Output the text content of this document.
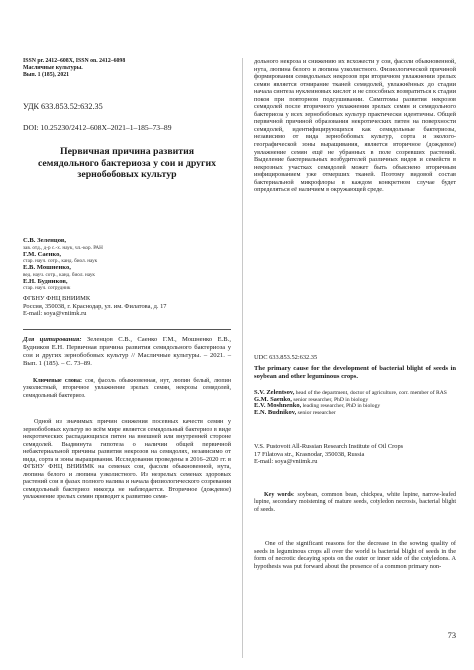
ISSN pr. 2412–608X, ISSN on. 2412–6098
Масличные культуры.
Вып. 1 (185), 2021
УДК 633.853.52:632.35
DOI: 10.25230/2412–608X–2021–1–185–73–89
Первичная причина развития семядольного бактериоза у сои и других зернобобовых культур
С.В. Зеленцов,
зав. отд., д-р с.-х. наук, чл.-кор. РАН
Г.М. Саенко,
стар. науч. сотр., канд. биол. наук
Е.В. Мошненко,
вед. науч. сотр., канд. биол. наук
Е.Н. Будников,
стар. науч. сотрудник
ФГБНУ ФНЦ ВНИИМК
Россия, 350038, г. Краснодар, ул. им. Филатова, д. 17
E-mail: soya@vniimk.ru
Для цитирования: Зеленцов С.В., Саенко Г.М., Мошненко Е.В., Будников Е.Н. Первичная причина развития семядольного бактериоза у сои и других зернобобовых культур // Масличные культуры. – 2021. – Вып. 1 (185). – С. 73–89.
Ключевые слова: соя, фасоль обыкновенная, нут, люпин белый, люпин узколистный, вторичное увлажнение зрелых семян, некрозы семядолей, семядольный бактериоз.
Одной из значимых причин снижения посевных качеств семян у зернобобовых культур во всём мире является семядольный бактериоз в виде некротических распадающихся пятен на внешней или внутренней стороне семядолей. Выдвинута гипотеза о наличии общей первичной небактериальной причины развития некрозов на семядолях, независимо от вида, сорта и зоны выращивания. Исследования проведены в 2016–2020 гг. в ФГБНУ ФНЦ ВНИИМК на семенах сои, фасоли обыкновенной, нута, люпина белого и люпина узколистного. Из незрелых семенах здоровых растений сои в фазах полного налива и начала физиологического созревания семядольный бактериоз никогда не наблюдается. Вторичное (дождевое) увлажнение зрелых семян приводит к развитию семя-
дольного некроза и снижению их всхожести у сои, фасоли обыкновенной, нута, люпина белого и люпина узколистного. Физиологической причиной формирования семядольных некрозов при вторичном увлажнении зрелых семян является отмирание тканей семядолей, увлажнённых до стадии начала синтеза нуклеиновых кислот и не способных возвратиться к стадии покоя при повторном подсушивании. Симптомы развития некрозов семядолей после вторичного увлажнения зрелых семян и семядольного бактериоза у всех зернобобовых культур практически идентичны. Общей первичной причиной образования некротических пятен на поверхности семядолей, идентифицирующихся как семядольные бактериозы, независимо от вида зернобобовых культур, сорта и эколого-географической зоны выращивания, является вторичное (дождевое) увлажнение семян ещё не убранных в поле созревших растений. Выделение бактериальных возбудителей различных видов и семейств в некрозных участках семядолей может быть объяснено вторичным инфицированием уже отмерших тканей. Поэтому видовой состав бактериальной микрофлоры в каждом конкретном случае будет определяться её наличием в окружающей среде.
UDC 633.853.52:632.35
The primary cause for the development of bacterial blight of seeds in soybean and other leguminous crops.
S.V. Zelentsov, head of the department, doctor of agriculture, corr. member of RAS
G.M. Saenko, senior researcher, PhD in biology
E.V. Moshnenko, leading researcher, PhD in biology
E.N. Budnikov, senior researcher
V.S. Pustovoit All-Russian Research Institute of Oil Crops
17 Filatova str., Krasnodar, 350038, Russia
E-mail: soya@vniimk.ru
Key words: soybean, common bean, chickpea, white lupine, narrow-leafed lupine, secondary moistening of mature seeds, cotyledon necrosis, bacterial blight of seeds.
One of the significant reasons for the decrease in the sowing quality of seeds in leguminous crops all over the world is bacterial blight of seeds in the form of necrotic decaying spots on the outer or inner side of the cotyledons. A hypothesis was put forward about the presence of a common primary non-
73
